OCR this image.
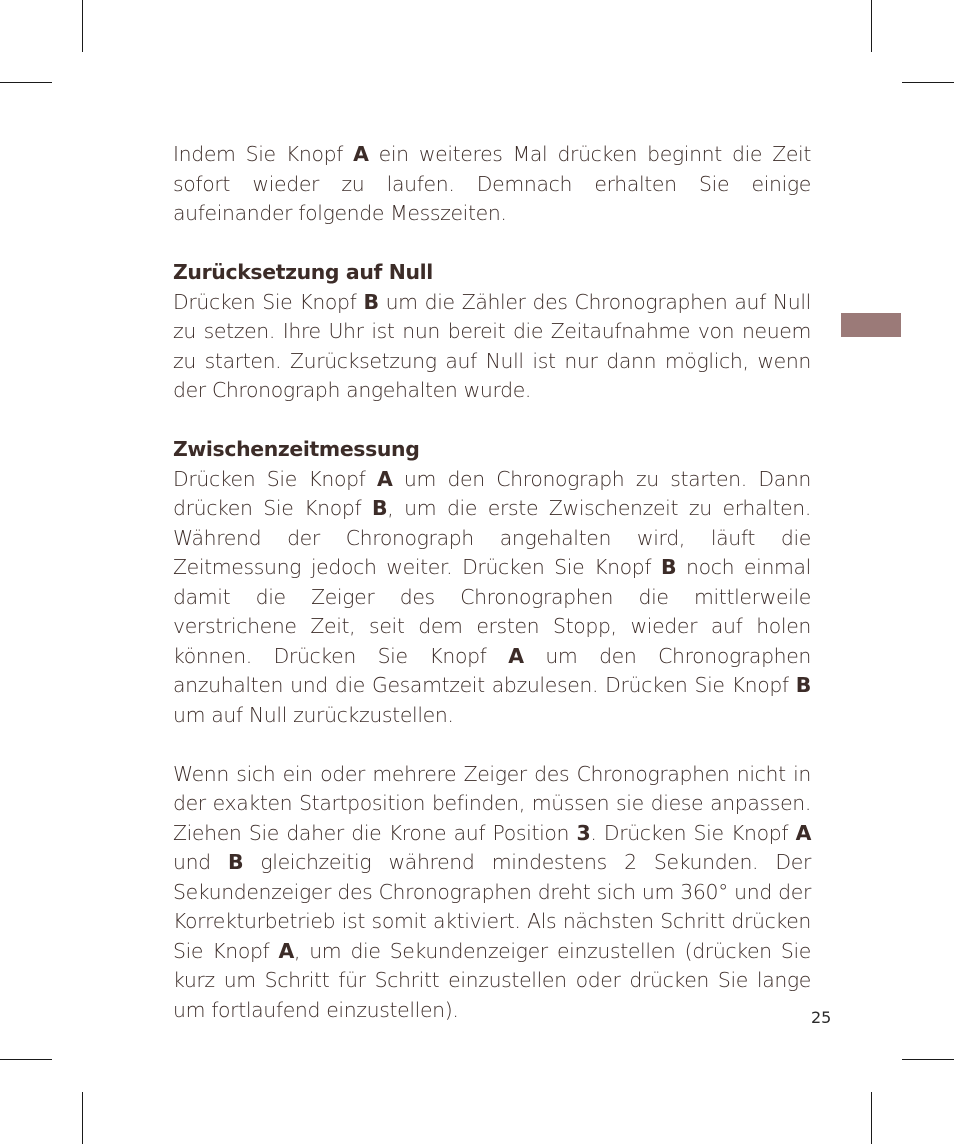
Indem Sie Knopf A ein weiteres Mal drücken beginnt die Zeit sofort wieder zu laufen. Demnach erhalten Sie einige aufeinander folgende Messzeiten.

Zurücksetzung auf Null

Drücken Sie Knopf B um die Zähler des Chronographen auf Null zu setzen. Ihre Uhr ist nun bereit die Zeitaufnahme von neuem zu starten. Zurücksetzung auf Null ist nur dann möglich, wenn der Chronograph angehalten wurde.

Zwischenzeitmessung

Drücken Sie Knopf A um den Chronograph zu starten. Dann drücken Sie Knopf B, um die erste Zwischenzeit zu erhalten. Während der Chronograph angehalten wird, läuft die Zeitmessung jedoch weiter. Drücken Sie Knopf B noch einmal damit die Zeiger des Chronographen die mittlerweile verstrichene Zeit, seit dem ersten Stopp, wieder auf holen können. Drücken Sie Knopf A um den Chronographen anzuhalten und die Gesamtzeit abzulesen. Drücken Sie Knopf B um auf Null zurückzustellen.

Wenn sich ein oder mehrere Zeiger des Chronographen nicht in der exakten Startposition befinden, müssen sie diese anpassen. Ziehen Sie daher die Krone auf Position 3. Drücken Sie Knopf A und B gleichzeitig während mindestens 2 Sekunden. Der Sekundenzeiger des Chronographen dreht sich um 360° und der Korrekturbetrieb ist somit aktiviert. Als nächsten Schritt drücken Sie Knopf A, um die Sekundenzeiger einzustellen (drücken Sie kurz um Schritt für Schritt einzustellen oder drücken Sie lange um fortlaufend einzustellen).	25
